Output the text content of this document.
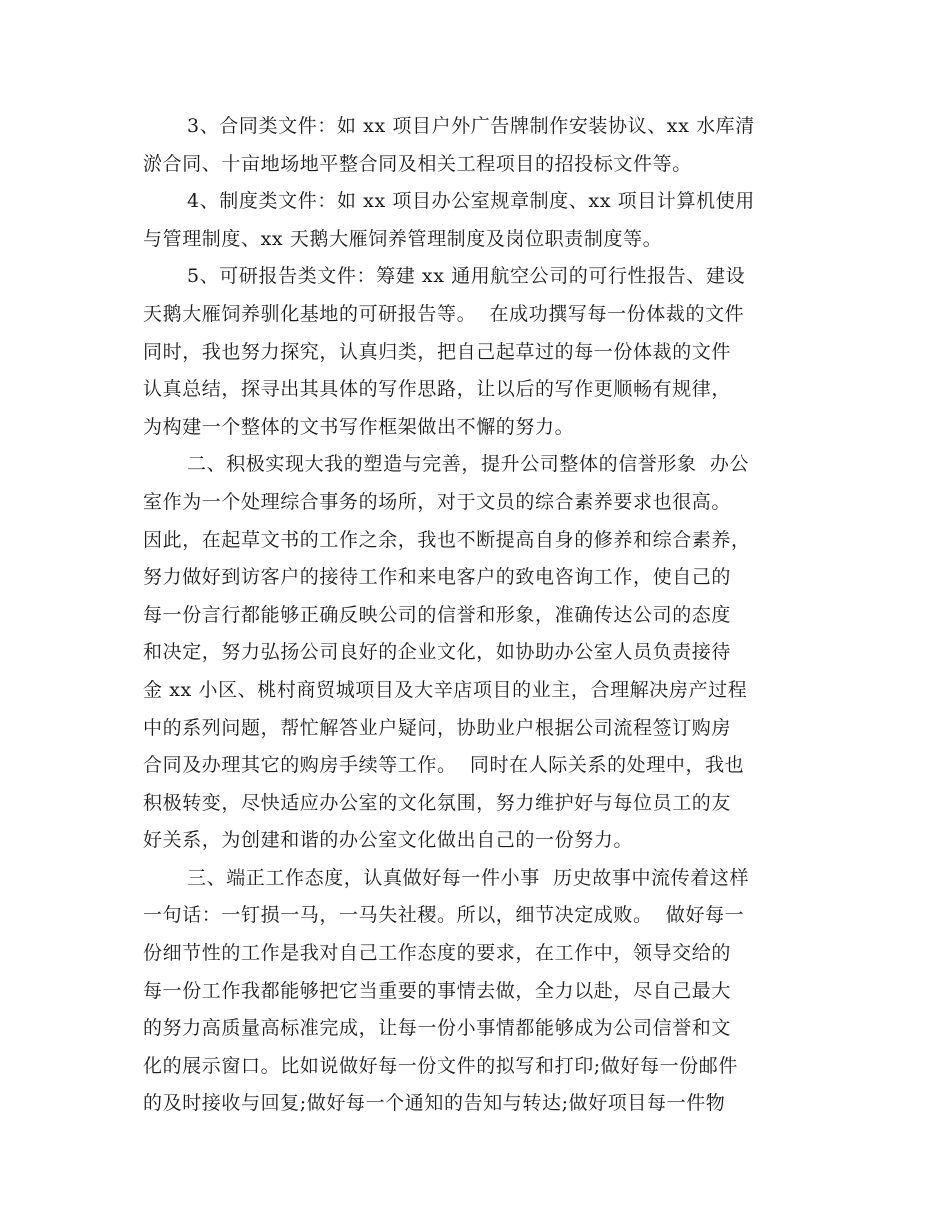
3、合同类文件：如 xx 项目户外广告牌制作安装协议、xx 水库清
淤合同、十亩地场地平整合同及相关工程项目的招投标文件等。
4、制度类文件：如 xx 项目办公室规章制度、xx 项目计算机使用
与管理制度、xx 天鹅大雁饲养管理制度及岗位职责制度等。
5、可研报告类文件：筹建 xx 通用航空公司的可行性报告、建设
天鹅大雁饲养驯化基地的可研报告等。  在成功撰写每一份体裁的文件
同时，我也努力探究，认真归类，把自己起草过的每一份体裁的文件
认真总结，探寻出其具体的写作思路，让以后的写作更顺畅有规律，
为构建一个整体的文书写作框架做出不懈的努力。
二、积极实现大我的塑造与完善，提升公司整体的信誉形象  办公
室作为一个处理综合事务的场所，对于文员的综合素养要求也很高。
因此，在起草文书的工作之余，我也不断提高自身的修养和综合素养，
努力做好到访客户的接待工作和来电客户的致电咨询工作，使自己的
每一份言行都能够正确反映公司的信誉和形象，准确传达公司的态度
和决定，努力弘扬公司良好的企业文化，如协助办公室人员负责接待
金 xx 小区、桃村商贸城项目及大辛店项目的业主，合理解决房产过程
中的系列问题，帮忙解答业户疑问，协助业户根据公司流程签订购房
合同及办理其它的购房手续等工作。  同时在人际关系的处理中，我也
积极转变，尽快适应办公室的文化氛围，努力维护好与每位员工的友
好关系，为创建和谐的办公室文化做出自己的一份努力。
三、端正工作态度，认真做好每一件小事  历史故事中流传着这样
一句话：一钉损一马，一马失社稷。所以，细节决定成败。  做好每一
份细节性的工作是我对自己工作态度的要求，在工作中，领导交给的
每一份工作我都能够把它当重要的事情去做，全力以赴，尽自己最大
的努力高质量高标准完成，让每一份小事情都能够成为公司信誉和文
化的展示窗口。比如说做好每一份文件的拟写和打印;做好每一份邮件
的及时接收与回复;做好每一个通知的告知与转达;做好项目每一件物
